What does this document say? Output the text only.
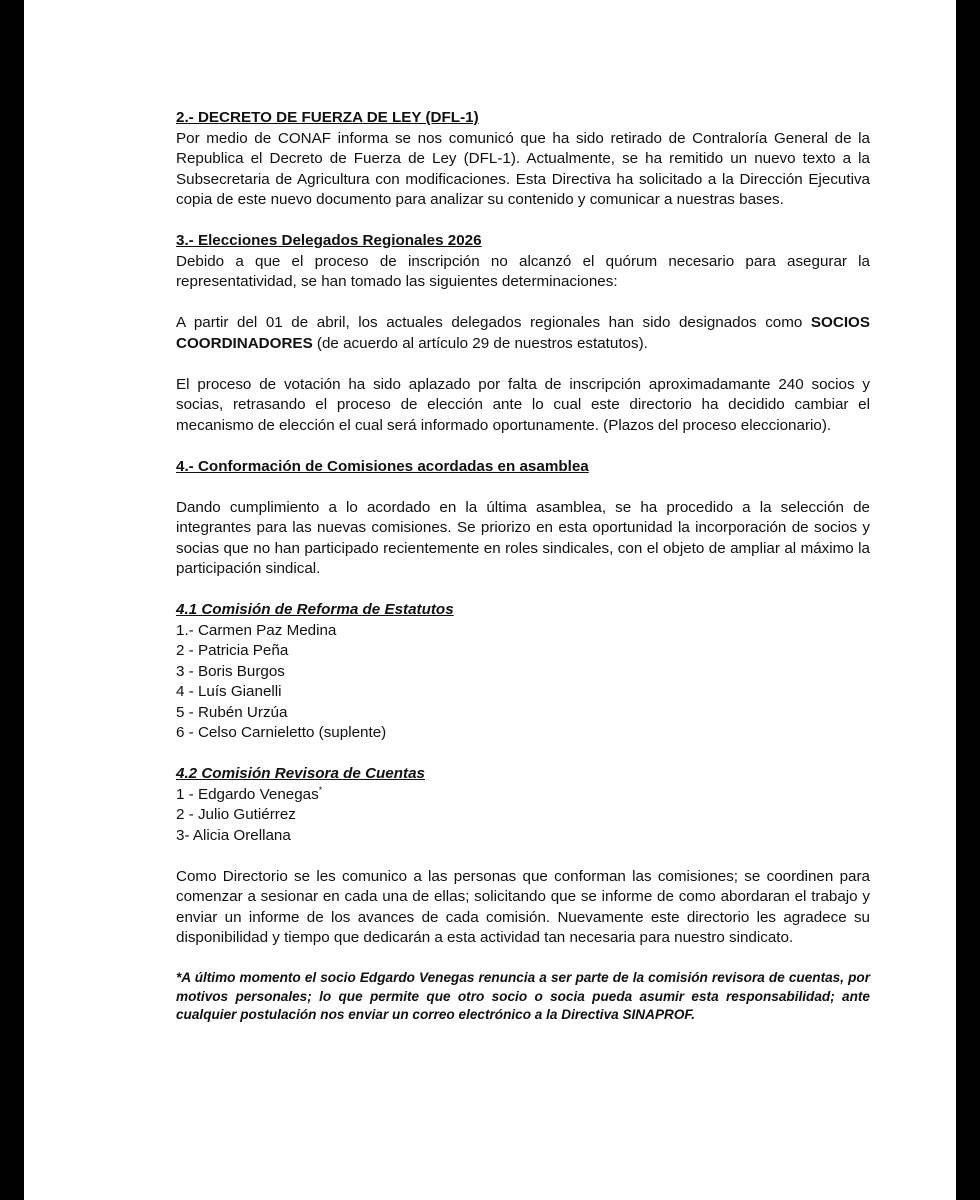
2.- DECRETO DE FUERZA DE LEY (DFL-1)

Por medio de CONAF informa se nos comunicó que ha sido retirado de Contraloría General de la Republica el Decreto de Fuerza de Ley (DFL-1). Actualmente, se ha remitido un nuevo texto a la Subsecretaria de Agricultura con modificaciones. Esta Directiva ha solicitado a la Dirección Ejecutiva copia de este nuevo documento para analizar su contenido y comunicar a nuestras bases.

3.- Elecciones Delegados Regionales 2026

Debido a que el proceso de inscripción no alcanzó el quórum necesario para asegurar la representatividad, se han tomado las siguientes determinaciones:

A partir del 01 de abril, los actuales delegados regionales han sido designados como SOCIOS COORDINADORES (de acuerdo al artículo 29 de nuestros estatutos).

El proceso de votación ha sido aplazado por falta de inscripción aproximadamante 240 socios y socias, retrasando el proceso de elección ante lo cual este directorio ha decidido cambiar el mecanismo de elección el cual será informado oportunamente. (Plazos del proceso eleccionario).

4.- Conformación de Comisiones acordadas en asamblea

Dando cumplimiento a lo acordado en la última asamblea, se ha procedido a la selección de integrantes para las nuevas comisiones. Se priorizo en esta oportunidad la incorporación de socios y socias que no han participado recientemente en roles sindicales, con el objeto de ampliar al máximo la participación sindical.

4.1 Comisión de Reforma de Estatutos

1.- Carmen Paz Medina

2 - Patricia Peña

3 - Boris Burgos

4 - Luís Gianelli

5 - Rubén Urzúa

6 - Celso Carnieletto (suplente)

4.2 Comisión Revisora de Cuentas

1 - Edgardo Venegas*

2 - Julio Gutiérrez

3- Alicia Orellana

Como Directorio se les comunico a las personas que conforman las comisiones; se coordinen para comenzar a sesionar en cada una de ellas; solicitando que se informe de como abordaran el trabajo y enviar un informe de los avances de cada comisión. Nuevamente este directorio les agradece su disponibilidad y tiempo que dedicarán a esta actividad tan necesaria para nuestro sindicato.

*A último momento el socio Edgardo Venegas renuncia a ser parte de la comisión revisora de cuentas, por motivos personales; lo que permite que otro socio o socia pueda asumir esta responsabilidad; ante cualquier postulación nos enviar un correo electrónico a la Directiva SINAPROF.
